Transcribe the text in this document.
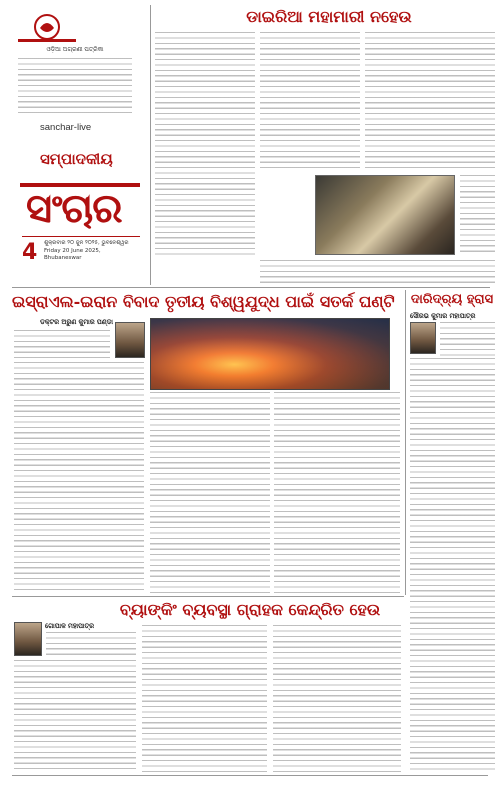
ଓଡ଼ିଆ ଅଗ୍ରଣୀ ପତ୍ରିକା
sanchar-live
ସମ୍ପାଦକୀୟ
ସଂଚାର
4 ଶୁକ୍ରବାର ୨୦ ଜୁନ ୨୦୨୫, ଭୁବନେଶ୍ୱର
Friday 20 June 2025,
Bhubaneswar
ଡାଇରିଆ ମହାମାରୀ ନହେଉ
ଇସ୍ରାଏଲ-ଇରାନ ବିବାଦ ତୃତୀୟ ବିଶ୍ୱଯୁଦ୍ଧ ପାଇଁ ସତର୍କ ଘଣ୍ଟି
ଡକ୍ଟର ଅରୁଣ କୁମାର ପଣ୍ଡା
ଦାରିଦ୍ର୍ୟ ହ୍ରାସ
ସୌରଭ କୁମାର ମହାପାତ୍ର
ବ୍ୟାଙ୍କିଂ ବ୍ୟବସ୍ଥା ଗ୍ରାହକ କେନ୍ଦ୍ରିତ ହେଉ
ଗୋପାଳ ମହାପାତ୍ର
